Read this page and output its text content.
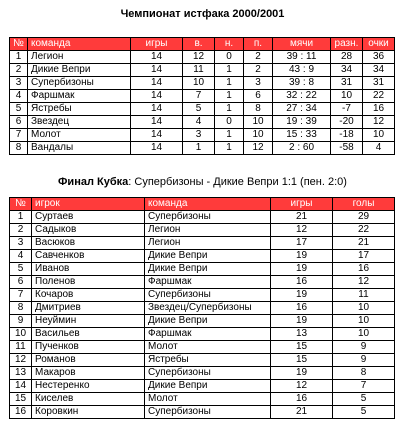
Чемпионат истфака 2000/2001
№	команда	игры	в.	н.	п.	мячи	разн.	очки
1	Легион	14	12	0	2	39 : 11	28	36
2	Дикие Вепри	14	11	1	2	43 : 9	34	34
3	Супербизоны	14	10	1	3	39 : 8	31	31
4	Фаршмак	14	7	1	6	32 : 22	10	22
5	Ястребы	14	5	1	8	27 : 34	-7	16
6	Звездец	14	4	0	10	19 : 39	-20	12
7	Молот	14	3	1	10	15 : 33	-18	10
8	Вандалы	14	1	1	12	2 : 60	-58	4
Финал Кубка: Супербизоны - Дикие Вепри 1:1 (пен. 2:0)
№	игрок	команда	игры	голы
1	Суртаев	Супербизоны	21	29
2	Садыков	Легион	12	22
3	Васюков	Легион	17	21
4	Савченков	Дикие Вепри	19	17
5	Иванов	Дикие Вепри	19	16
6	Поленов	Фаршмак	16	12
7	Кочаров	Супербизоны	19	11
8	Дмитриев	Звездец/Супербизоны	16	10
9	Неуймин	Дикие Вепри	19	10
10	Васильев	Фаршмак	13	10
11	Пученков	Молот	15	9
12	Романов	Ястребы	15	9
13	Макаров	Супербизоны	19	8
14	Нестеренко	Дикие Вепри	12	7
15	Киселев	Молот	16	5
16	Коровкин	Супербизоны	21	5
